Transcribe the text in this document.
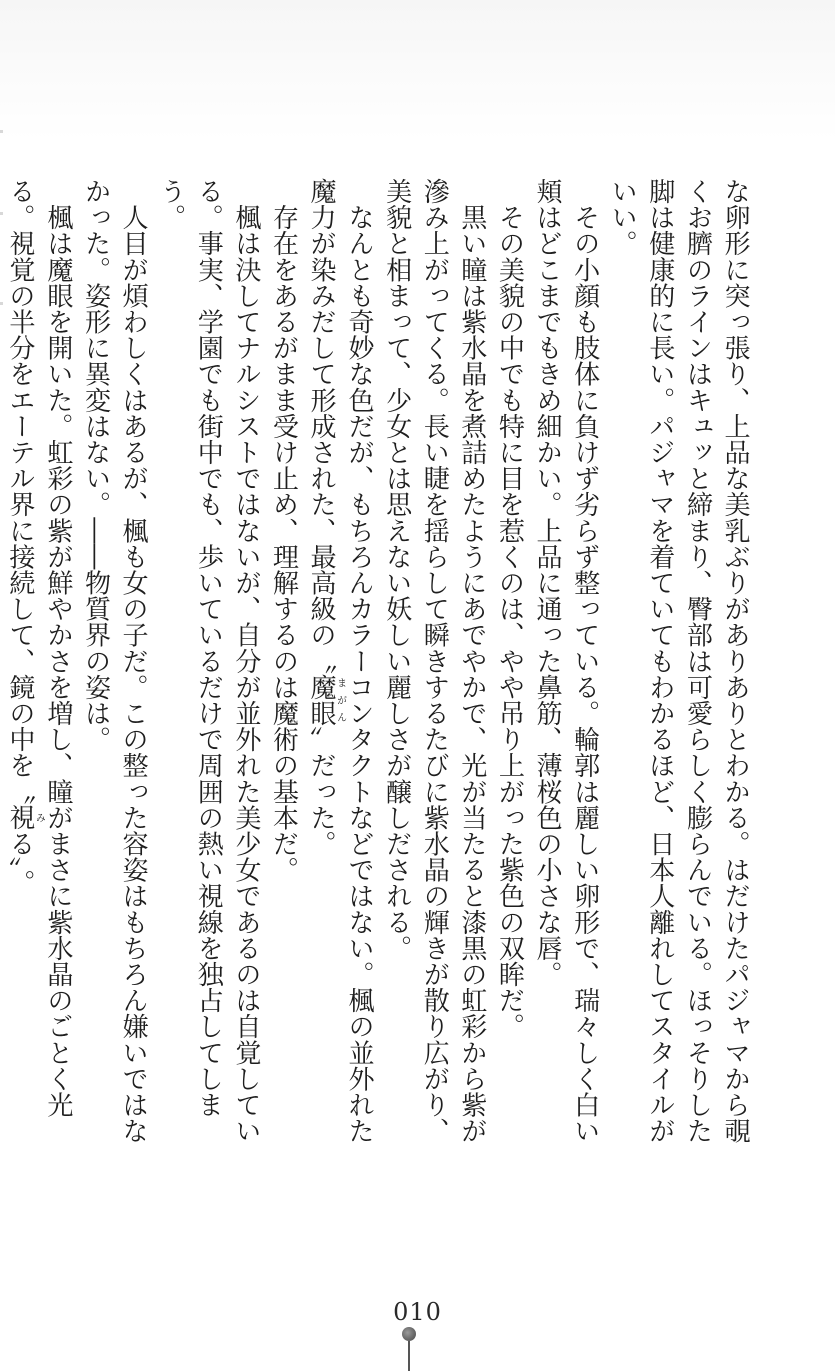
な卵形に突っ張り、上品な美乳ぶりがありありとわかる。はだけたパジャマから覗くお臍のラインはキュッと締まり、臀部は可愛らしく膨らんでいる。ほっそりした脚は健康的に長い。パジャマを着ていてもわかるほど、日本人離れしてスタイルがいい。
　その小顔も肢体に負けず劣らず整っている。輪郭は麗しい卵形で、瑞々しく白い頬はどこまでもきめ細かい。上品に通った鼻筋、薄桜色の小さな唇。
　その美貌の中でも特に目を惹くのは、やや吊り上がった紫色の双眸だ。
　黒い瞳は紫水晶を煮詰めたようにあでやかで、光が当たると漆黒の虹彩から紫が滲み上がってくる。長い睫を揺らして瞬きするたびに紫水晶の輝きが散り広がり、美貌と相まって、少女とは思えない妖しい麗しさが醸しだされる。
　なんとも奇妙な色だが、もちろんカラーコンタクトなどではない。楓の並外れた魔力が染みだして形成された、最高級の〝魔眼まがん〟だった。
　存在をあるがまま受け止め、理解するのは魔術の基本だ。
　楓は決してナルシストではないが、自分が並外れた美少女であるのは自覚している。事実、学園でも街中でも、歩いているだけで周囲の熱い視線を独占してしまう。
　人目が煩わしくはあるが、楓も女の子だ。この整った容姿はもちろん嫌いではなかった。姿形に異変はない。――物質界の姿は。
　楓は魔眼を開いた。虹彩の紫が鮮やかさを増し、瞳がまさに紫水晶のごとく光る。視覚の半分をエーテル界に接続して、鏡の中を〝視みる〟。
010
